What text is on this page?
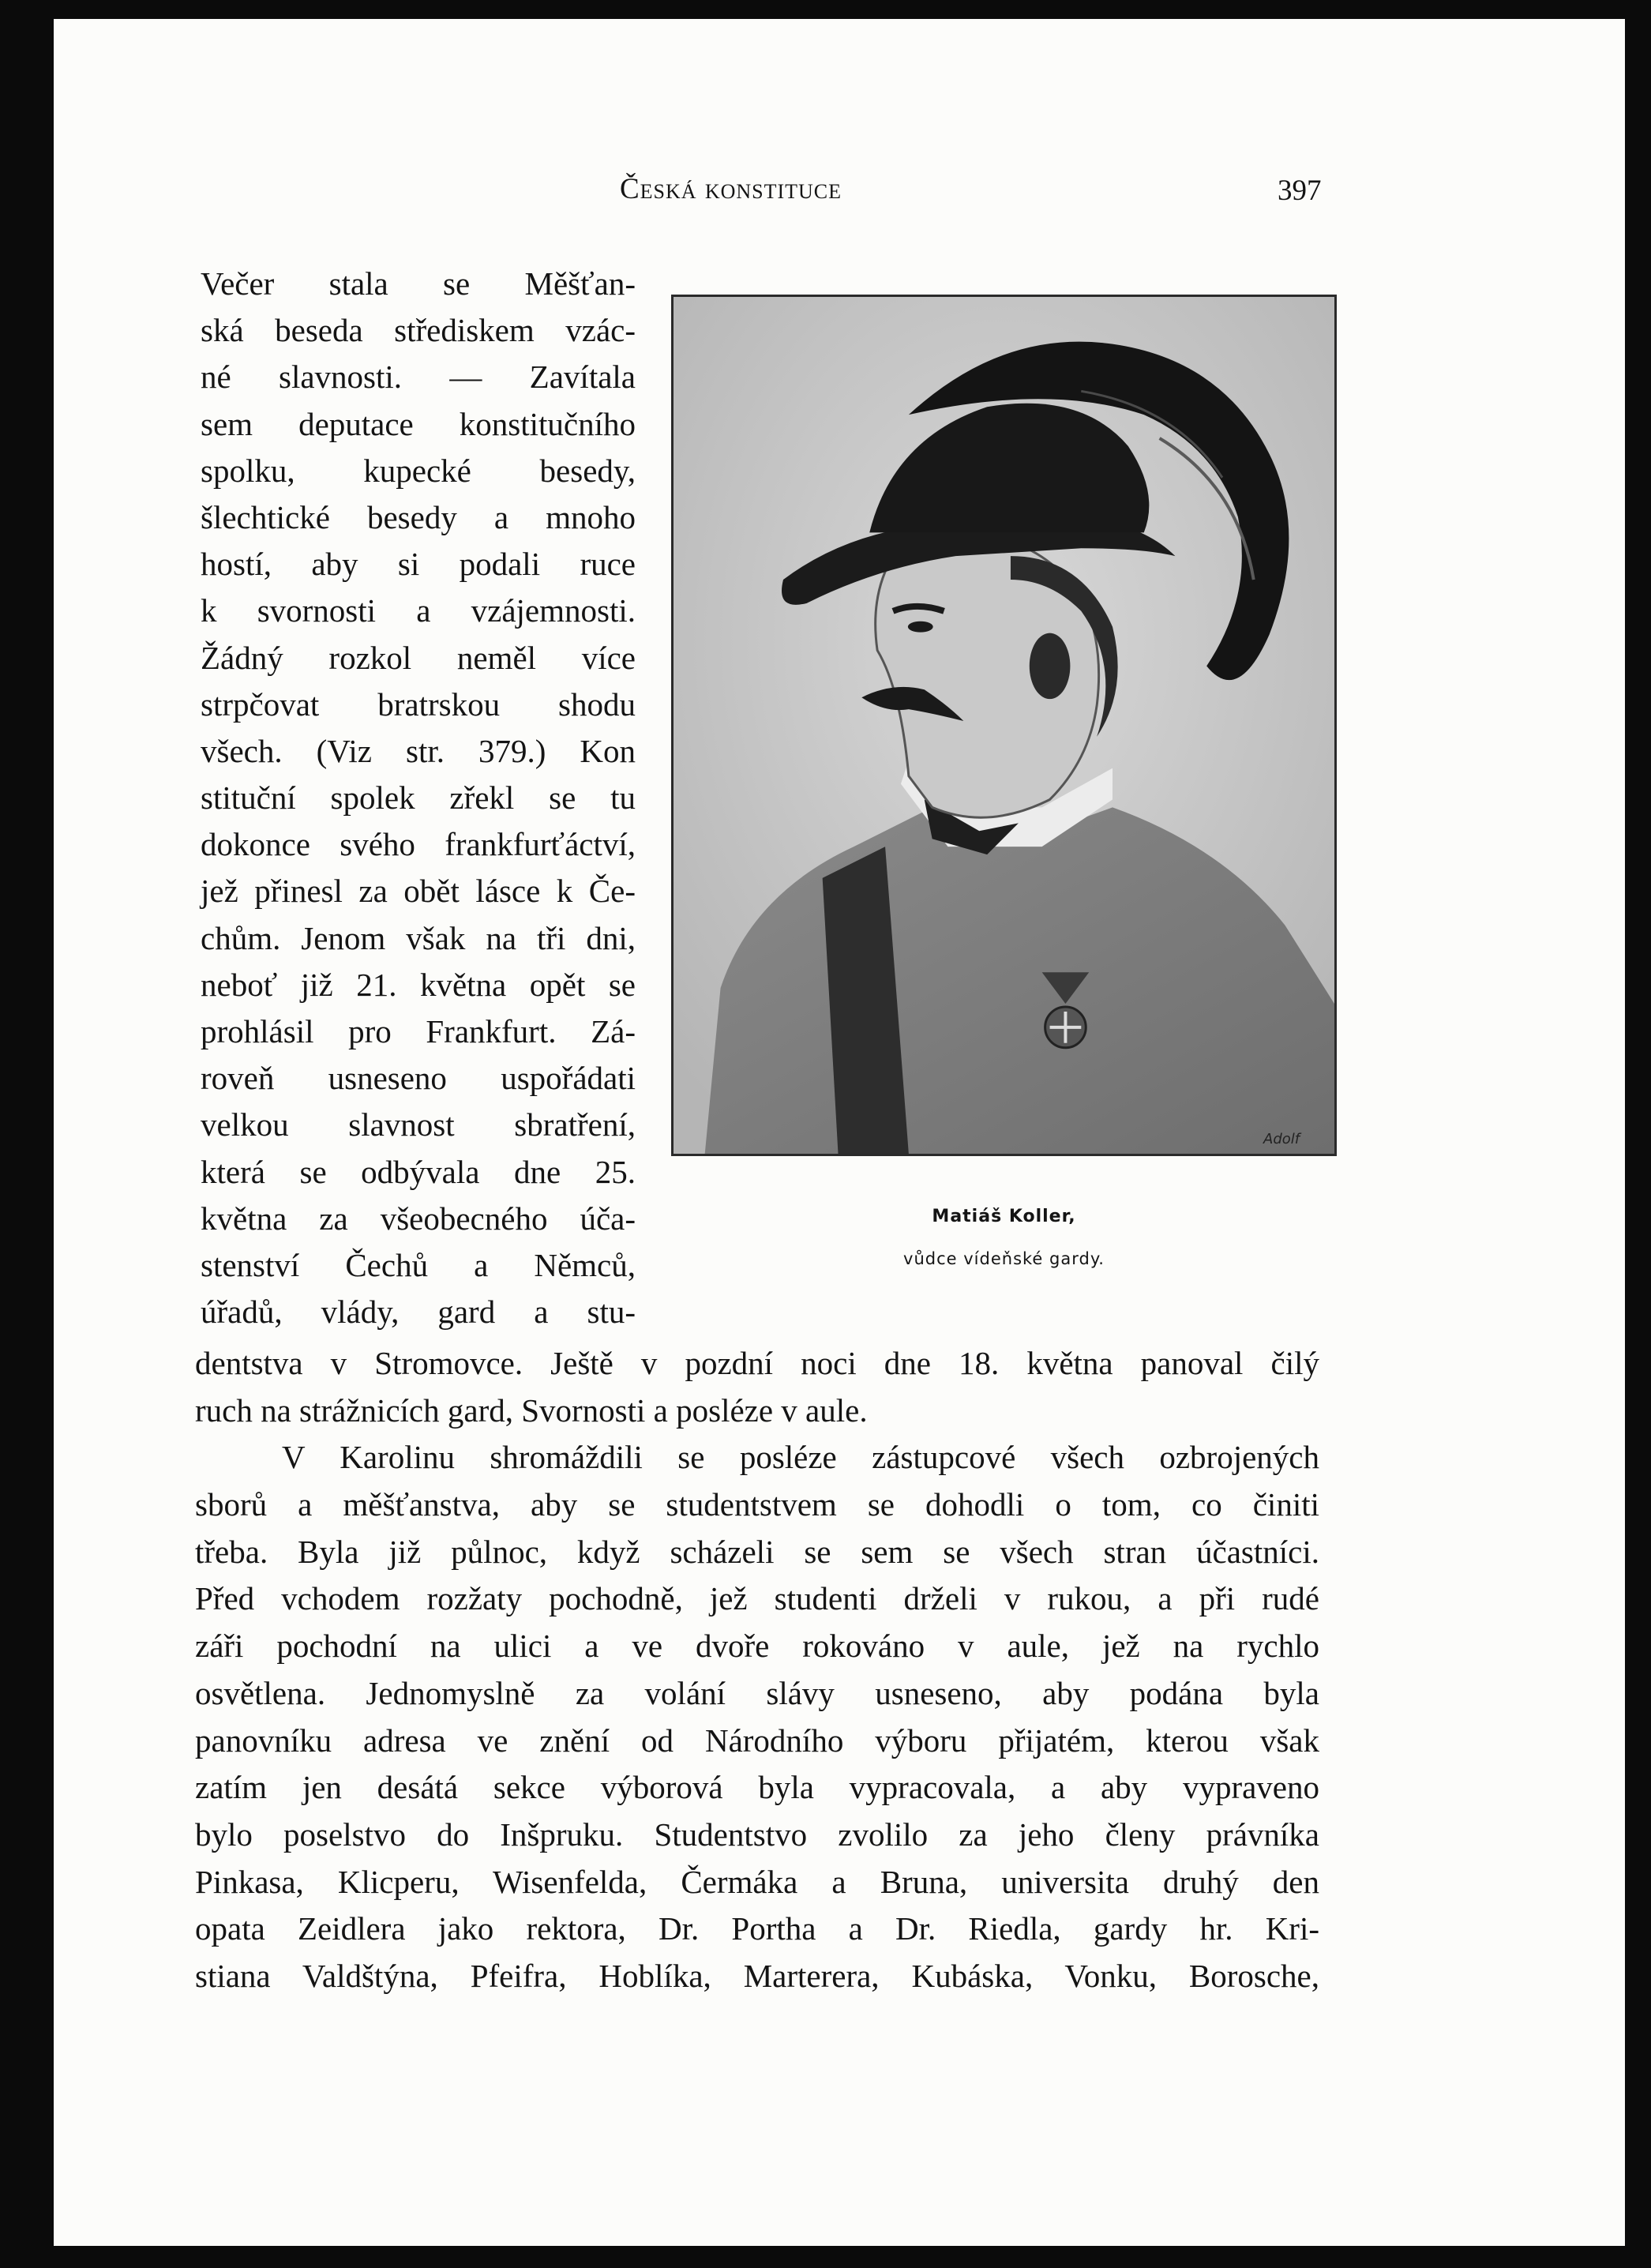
Česká konstituce	397
Večer stala se Měšťan-
ská beseda střediskem vzác-
né slavnosti. — Zavítala
sem deputace konstitučního
spolku, kupecké besedy,
šlechtické besedy a mnoho
hostí, aby si podali ruce
k svornosti a vzájemnosti.
Žádný rozkol neměl více
strpčovat bratrskou shodu
všech. (Viz str. 379.) Kon
stituční spolek zřekl se tu
dokonce svého frankfurťáctví,
jež přinesl za obět lásce k Če-
chům. Jenom však na tři dni,
neboť již 21. května opět se
prohlásil pro Frankfurt. Zá-
roveň usneseno uspořádati
velkou slavnost sbratření,
která se odbývala dne 25.
května za všeobecného úča-
stenství Čechů a Němců,
úřadů, vlády, gard a stu-
dentstva v Stromovce. Ještě v pozdní noci dne 18. května panoval čilý
ruch na strážnicích gard, Svornosti a posléze v aule.
V Karolinu shromáždili se posléze zástupcové všech ozbrojených
sborů a měšťanstva, aby se studentstvem se dohodli o tom, co činiti
třeba. Byla již půlnoc, když scházeli se sem se všech stran účastníci.
Před vchodem rozžaty pochodně, jež studenti drželi v rukou, a při rudé
záři pochodní na ulici a ve dvoře rokováno v aule, jež na rychlo
osvětlena. Jednomyslně za volání slávy usneseno, aby podána byla
panovníku adresa ve znění od Národního výboru přijatém, kterou však
zatím jen desátá sekce výborová byla vypracovala, a aby vypraveno
bylo poselstvo do Inšpruku. Studentstvo zvolilo za jeho členy právníka
Pinkasa, Klicperu, Wisenfelda, Čermáka a Bruna, universita druhý den
opata Zeidlera jako rektora, Dr. Portha a Dr. Riedla, gardy hr. Kri-
stiana Valdštýna, Pfeifra, Hoblíka, Marterera, Kubáska, Vonku, Borosche,
Adolf
Matiáš Koller,
vůdce vídeňské gardy.
